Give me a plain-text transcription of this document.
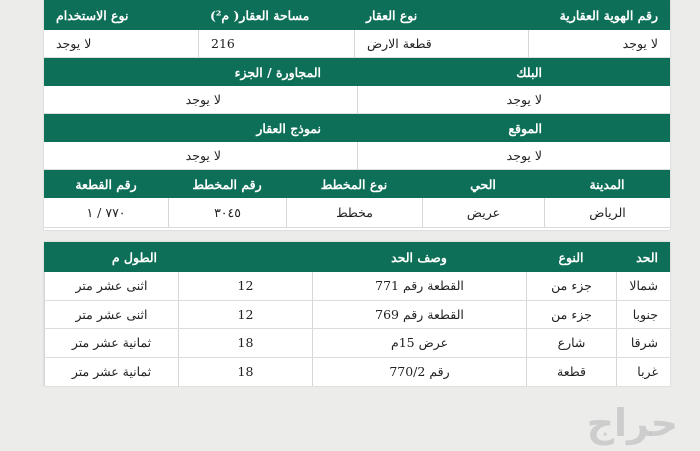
رقم الهوية العقارية
نوع العقار
مساحة العقار( م²)
نوع الاستخدام
لا يوجد
قطعة الارض
216
لا يوجد
البلك
المجاورة / الجزء
لا يوجد
لا يوجد
الموقع
نموذج العقار
لا يوجد
لا يوجد
المدينة
الحي
نوع المخطط
رقم المخطط
رقم القطعة
الرياض
عريض
مخطط
٣٠٤٥
٧٧٠ / ١
الحد
النوع
وصف الحد
الطول م
شمالا
جزء من
القطعة رقم 771
12
اثنى عشر متر
جنوبا
جزء من
القطعة رقم 769
12
اثنى عشر متر
شرقا
شارع
عرض 15م
18
ثمانية عشر متر
غربا
قطعة
رقم 770/2
18
ثمانية عشر متر
حراج
